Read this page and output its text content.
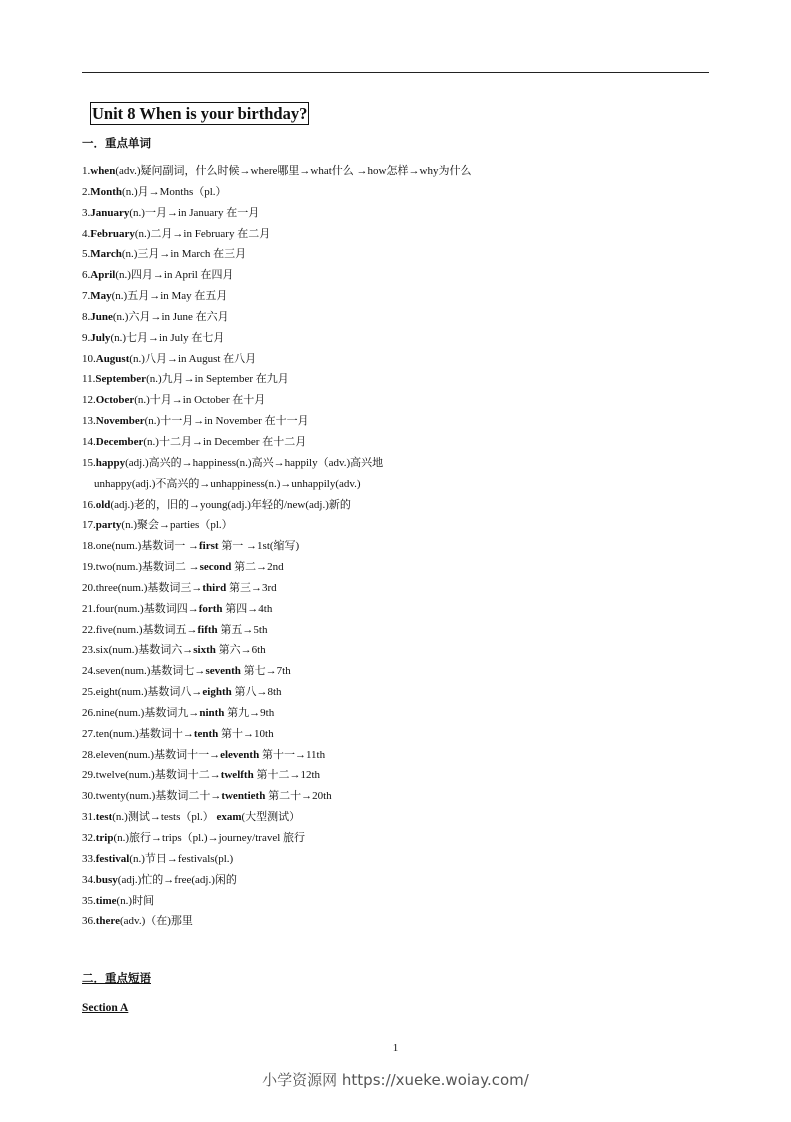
Unit 8 When is your birthday?
一．重点单词
1.when(adv.)疑问副词，什么时候→where哪里→what什么 →how怎样→why为什么
2.Month(n.)月→Months（pl.）
3.January(n.)一月→in January 在一月
4.February(n.)二月→in February 在二月
5.March(n.)三月→in March 在三月
6.April(n.)四月→in April 在四月
7.May(n.)五月→in May 在五月
8.June(n.)六月→in June 在六月
9.July(n.)七月→in July 在七月
10.August(n.)八月→in August 在八月
11.September(n.)九月→in September 在九月
12.October(n.)十月→in October 在十月
13.November(n.)十一月→in November 在十一月
14.December(n.)十二月→in December 在十二月
15.happy(adj.)高兴的→happiness(n.)高兴→happily（adv.)高兴地
unhappy(adj.)不高兴的→unhappiness(n.)→unhappily(adv.)
16.old(adj.)老的，旧的→young(adj.)年轻的/new(adj.)新的
17.party(n.)聚会→parties（pl.）
18.one(num.)基数词一 →first 第一 →1st(缩写)
19.two(num.)基数词二 →second 第二→2nd
20.three(num.)基数词三→third 第三→3rd
21.four(num.)基数词四→forth 第四→4th
22.five(num.)基数词五→fifth 第五→5th
23.six(num.)基数词六→sixth 第六→6th
24.seven(num.)基数词七→seventh 第七→7th
25.eight(num.)基数词八→eighth 第八→8th
26.nine(num.)基数词九→ninth 第九→9th
27.ten(num.)基数词十→tenth 第十→10th
28.eleven(num.)基数词十一→eleventh 第十一→11th
29.twelve(num.)基数词十二→twelfth 第十二→12th
30.twenty(num.)基数词二十→twentieth 第二十→20th
31.test(n.)测试→tests（pl.） exam(大型测试）
32.trip(n.)旅行→trips（pl.)→journey/travel 旅行
33.festival(n.)节日→festivals(pl.)
34.busy(adj.)忙的→free(adj.)闲的
35.time(n.)时间
36.there(adv.)（在)那里
二．重点短语
Section A
1
小学资源网 https://xueke.woiay.com/
